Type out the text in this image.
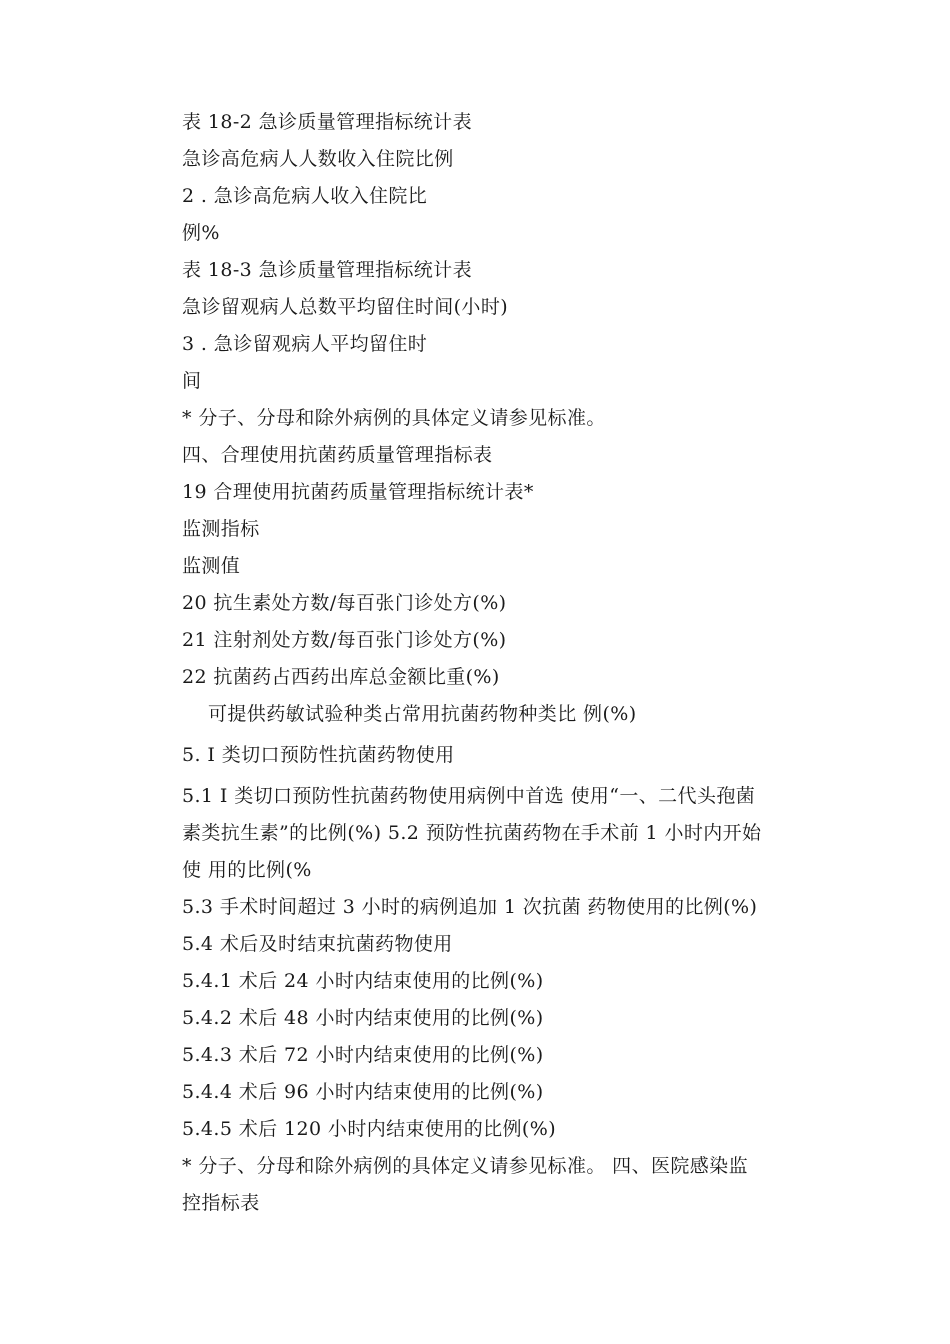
表 18-2 急诊质量管理指标统计表
急诊高危病人人数收入住院比例
2 . 急诊高危病人收入住院比
例%
表 18-3 急诊质量管理指标统计表
急诊留观病人总数平均留住时间(小时)
3 . 急诊留观病人平均留住时
间
* 分子、分母和除外病例的具体定义请参见标准。
四、合理使用抗菌药质量管理指标表
19 合理使用抗菌药质量管理指标统计表*
监测指标
监测值
20 抗生素处方数/每百张门诊处方(%)
21 注射剂处方数/每百张门诊处方(%)
22 抗菌药占西药出库总金额比重(%)
可提供药敏试验种类占常用抗菌药物种类比 例(%)
5. I 类切口预防性抗菌药物使用
5.1 I 类切口预防性抗菌药物使用病例中首选 使用“一、二代头孢菌
素类抗生素”的比例(%) 5.2 预防性抗菌药物在手术前 1 小时内开始
使 用的比例(%
5.3 手术时间超过 3 小时的病例追加 1 次抗菌 药物使用的比例(%)
5.4 术后及时结束抗菌药物使用
5.4.1 术后 24 小时内结束使用的比例(%)
5.4.2 术后 48 小时内结束使用的比例(%)
5.4.3 术后 72 小时内结束使用的比例(%)
5.4.4 术后 96 小时内结束使用的比例(%)
5.4.5 术后 120 小时内结束使用的比例(%)
* 分子、分母和除外病例的具体定义请参见标准。 四、医院感染监
控指标表
